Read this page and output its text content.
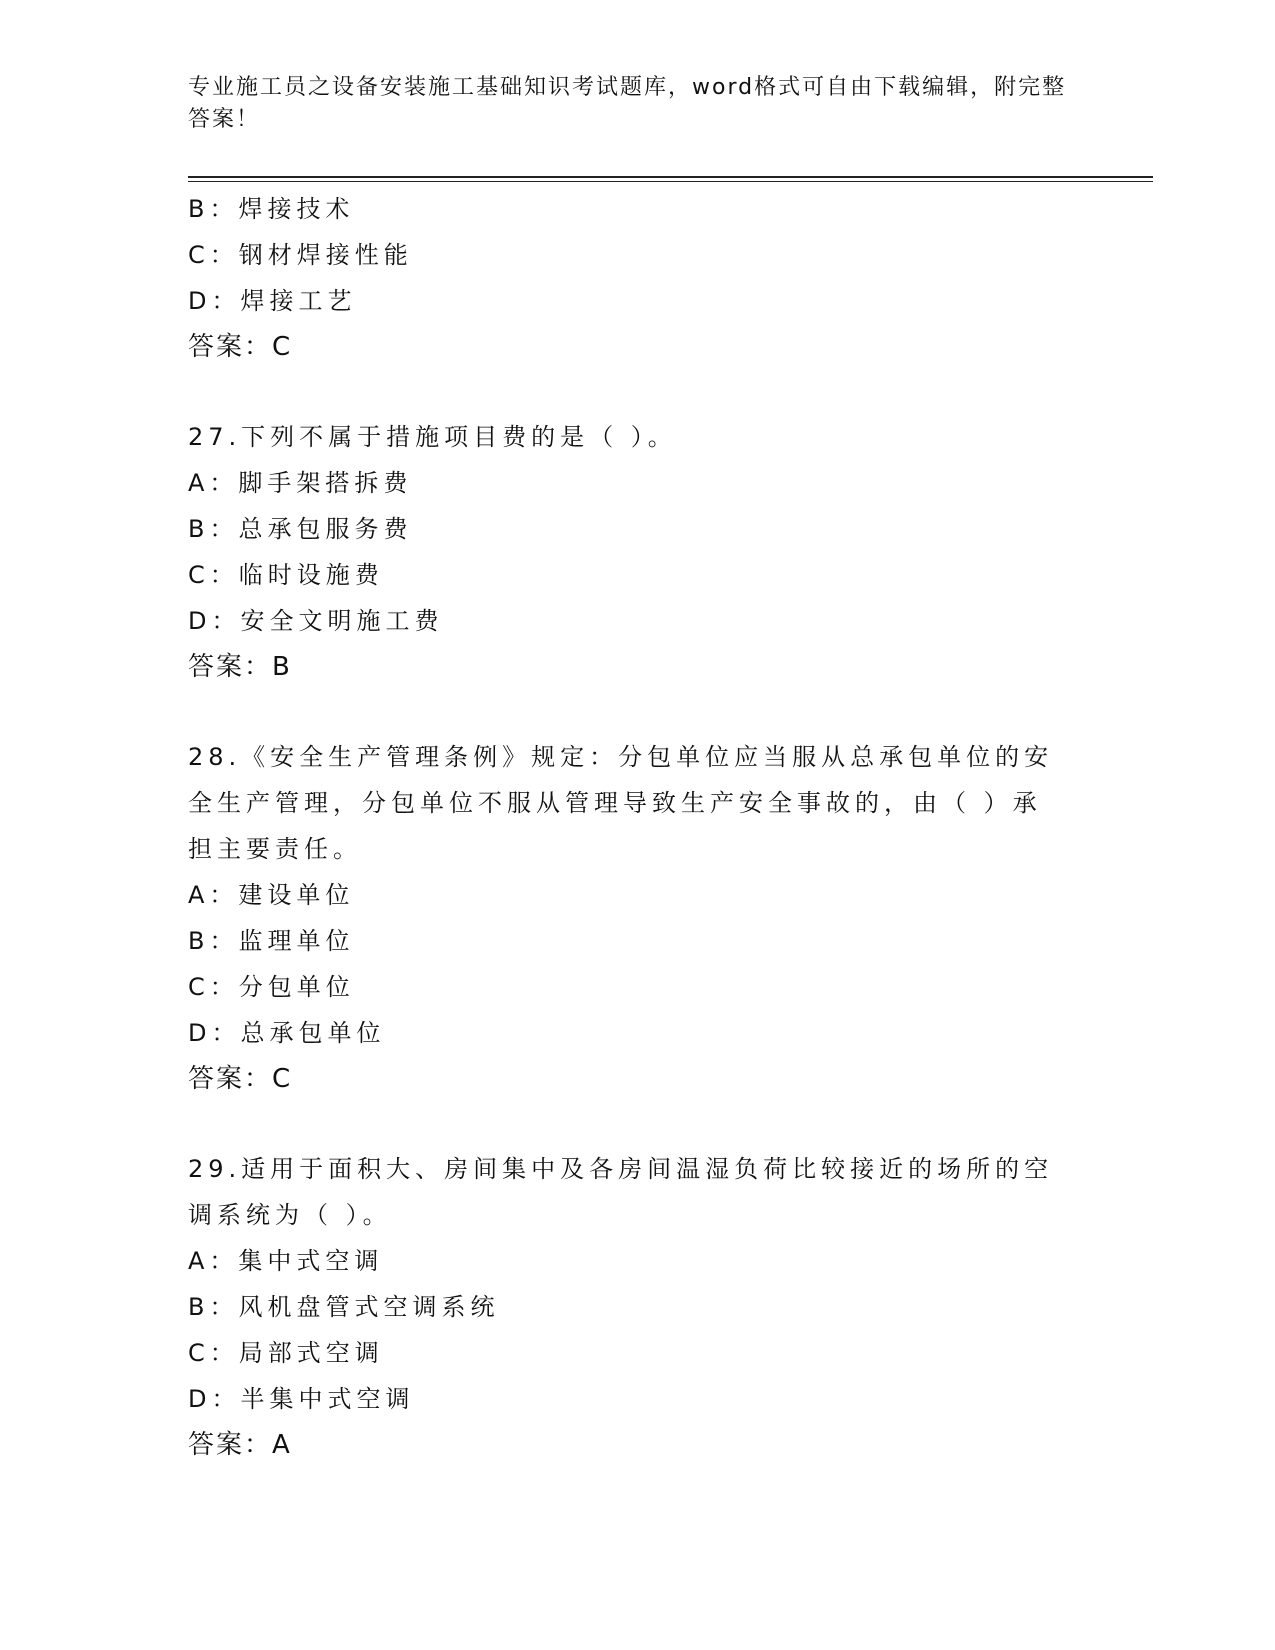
专业施工员之设备安装施工基础知识考试题库，word格式可自由下载编辑，附完整答案！
B：焊接技术
C：钢材焊接性能
D：焊接工艺
答案：C
27.下列不属于措施项目费的是（ ）。
A：脚手架搭拆费
B：总承包服务费
C：临时设施费
D：安全文明施工费
答案：B
28.《安全生产管理条例》规定：分包单位应当服从总承包单位的安全生产管理，分包单位不服从管理导致生产安全事故的，由（ ）承担主要责任。
A：建设单位
B：监理单位
C：分包单位
D：总承包单位
答案：C
29.适用于面积大、房间集中及各房间温湿负荷比较接近的场所的空调系统为（ ）。
A：集中式空调
B：风机盘管式空调系统
C：局部式空调
D：半集中式空调
答案：A
